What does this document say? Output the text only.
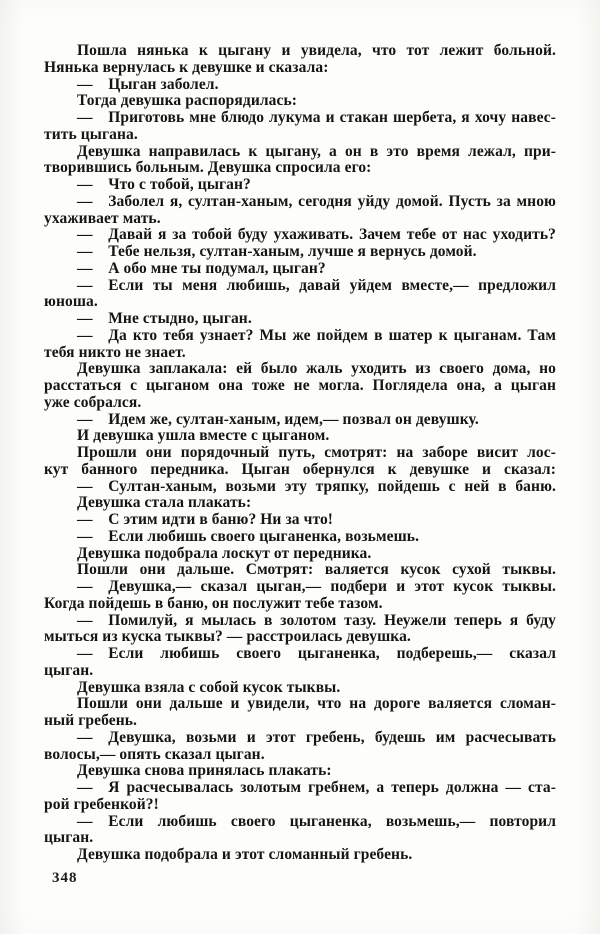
Пошла нянька к цыгану и увидела, что тот лежит больной.
Нянька вернулась к девушке и сказала:
— Цыган заболел.
Тогда девушка распорядилась:
— Приготовь мне блюдо лукума и стакан шербета, я хочу навес-
тить цыгана.
Девушка направилась к цыгану, а он в это время лежал, при-
творившись больным. Девушка спросила его:
— Что с тобой, цыган?
— Заболел я, султан-ханым, сегодня уйду домой. Пусть за мною
ухаживает мать.
— Давай я за тобой буду ухаживать. Зачем тебе от нас уходить?
— Тебе нельзя, султан-ханым, лучше я вернусь домой.
— А обо мне ты подумал, цыган?
— Если ты меня любишь, давай уйдем вместе,— предложил
юноша.
— Мне стыдно, цыган.
— Да кто тебя узнает? Мы же пойдем в шатер к цыганам. Там
тебя никто не знает.
Девушка заплакала: ей было жаль уходить из своего дома, но
расстаться с цыганом она тоже не могла. Поглядела она, а цыган
уже собрался.
— Идем же, султан-ханым, идем,— позвал он девушку.
И девушка ушла вместе с цыганом.
Прошли они порядочный путь, смотрят: на заборе висит лос-
кут банного передника. Цыган обернулся к девушке и сказал:
— Султан-ханым, возьми эту тряпку, пойдешь с ней в баню.
Девушка стала плакать:
— С этим идти в баню? Ни за что!
— Если любишь своего цыганенка, возьмешь.
Девушка подобрала лоскут от передника.
Пошли они дальше. Смотрят: валяется кусок сухой тыквы.
— Девушка,— сказал цыган,— подбери и этот кусок тыквы.
Когда пойдешь в баню, он послужит тебе тазом.
— Помилуй, я мылась в золотом тазу. Неужели теперь я буду
мыться из куска тыквы? — расстроилась девушка.
— Если любишь своего цыганенка, подберешь,— сказал
цыган.
Девушка взяла с собой кусок тыквы.
Пошли они дальше и увидели, что на дороге валяется сломан-
ный гребень.
— Девушка, возьми и этот гребень, будешь им расчесывать
волосы,— опять сказал цыган.
Девушка снова принялась плакать:
— Я расчесывалась золотым гребнем, а теперь должна — ста-
рой гребенкой?!
— Если любишь своего цыганенка, возьмешь,— повторил
цыган.
Девушка подобрала и этот сломанный гребень.
348
